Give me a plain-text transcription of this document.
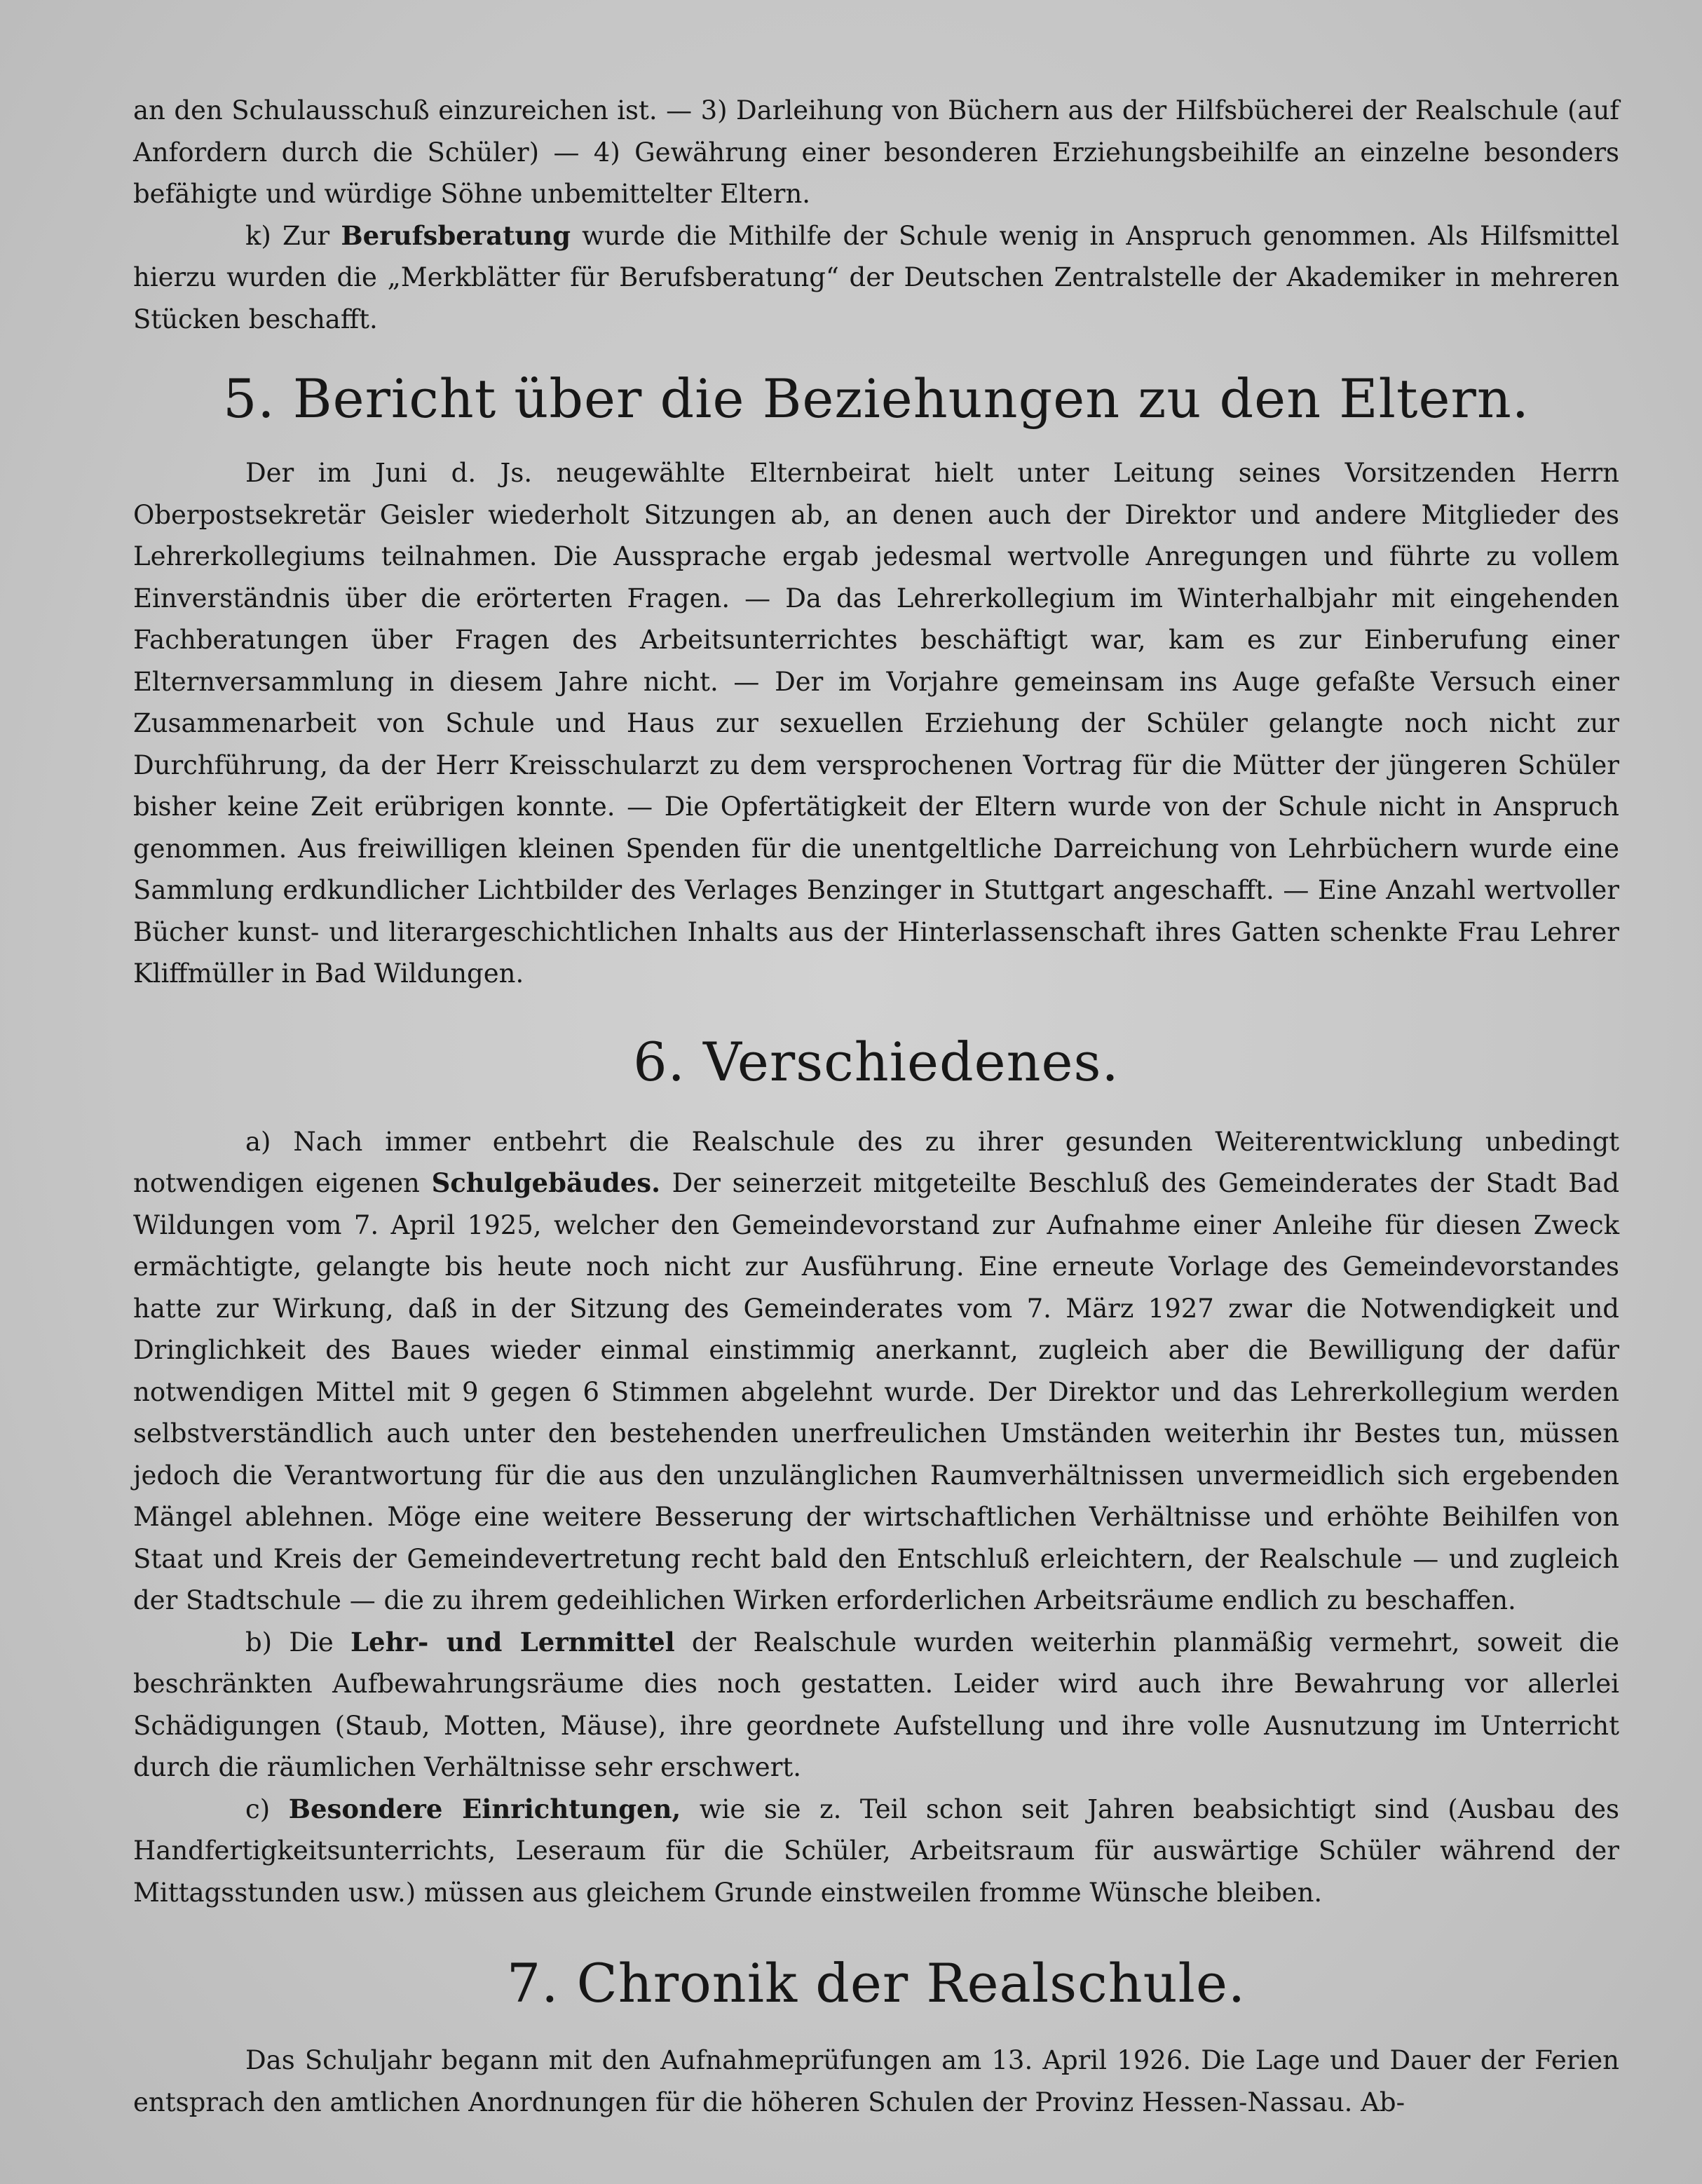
an den Schulausschuß einzureichen ist. — 3) Darleihung von Büchern aus der Hilfsbücherei der Realschule (auf Anfordern durch die Schüler) — 4) Gewährung einer besonderen Erziehungsbeihilfe an einzelne besonders befähigte und würdige Söhne unbemittelter Eltern.

k) Zur Berufsberatung wurde die Mithilfe der Schule wenig in Anspruch genommen. Als Hilfsmittel hierzu wurden die „Merkblätter für Berufsberatung“ der Deutschen Zentralstelle der Akademiker in mehreren Stücken beschafft.

5. Bericht über die Beziehungen zu den Eltern.

Der im Juni d. Js. neugewählte Elternbeirat hielt unter Leitung seines Vorsitzenden Herrn Oberpostsekretär Geisler wiederholt Sitzungen ab, an denen auch der Direktor und andere Mitglieder des Lehrerkollegiums teilnahmen. Die Aussprache ergab jedesmal wertvolle Anregungen und führte zu vollem Einverständnis über die erörterten Fragen. — Da das Lehrerkollegium im Winterhalbjahr mit eingehenden Fachberatungen über Fragen des Arbeitsunterrichtes beschäftigt war, kam es zur Einberufung einer Elternversammlung in diesem Jahre nicht. — Der im Vorjahre gemeinsam ins Auge gefaßte Versuch einer Zusammenarbeit von Schule und Haus zur sexuellen Erziehung der Schüler gelangte noch nicht zur Durchführung, da der Herr Kreisschularzt zu dem versprochenen Vortrag für die Mütter der jüngeren Schüler bisher keine Zeit erübrigen konnte. — Die Opfertätigkeit der Eltern wurde von der Schule nicht in Anspruch genommen. Aus freiwilligen kleinen Spenden für die unentgeltliche Darreichung von Lehrbüchern wurde eine Sammlung erdkundlicher Lichtbilder des Verlages Benzinger in Stuttgart angeschafft. — Eine Anzahl wertvoller Bücher kunst- und literargeschichtlichen Inhalts aus der Hinterlassenschaft ihres Gatten schenkte Frau Lehrer Kliffmüller in Bad Wildungen.

6. Verschiedenes.

a) Nach immer entbehrt die Realschule des zu ihrer gesunden Weiterentwicklung unbedingt notwendigen eigenen Schulgebäudes. Der seinerzeit mitgeteilte Beschluß des Gemeinderates der Stadt Bad Wildungen vom 7. April 1925, welcher den Gemeindevorstand zur Aufnahme einer Anleihe für diesen Zweck ermächtigte, gelangte bis heute noch nicht zur Ausführung. Eine erneute Vorlage des Gemeindevorstandes hatte zur Wirkung, daß in der Sitzung des Gemeinderates vom 7. März 1927 zwar die Notwendigkeit und Dringlichkeit des Baues wieder einmal einstimmig anerkannt, zugleich aber die Bewilligung der dafür notwendigen Mittel mit 9 gegen 6 Stimmen abgelehnt wurde. Der Direktor und das Lehrerkollegium werden selbstverständlich auch unter den bestehenden unerfreulichen Umständen weiterhin ihr Bestes tun, müssen jedoch die Verantwortung für die aus den unzulänglichen Raumverhältnissen unvermeidlich sich ergebenden Mängel ablehnen. Möge eine weitere Besserung der wirtschaftlichen Verhältnisse und erhöhte Beihilfen von Staat und Kreis der Gemeindevertretung recht bald den Entschluß erleichtern, der Realschule — und zugleich der Stadtschule — die zu ihrem gedeihlichen Wirken erforderlichen Arbeitsräume endlich zu beschaffen.

b) Die Lehr- und Lernmittel der Realschule wurden weiterhin planmäßig vermehrt, soweit die beschränkten Aufbewahrungsräume dies noch gestatten. Leider wird auch ihre Bewahrung vor allerlei Schädigungen (Staub, Motten, Mäuse), ihre geordnete Aufstellung und ihre volle Ausnutzung im Unterricht durch die räumlichen Verhältnisse sehr erschwert.

c) Besondere Einrichtungen, wie sie z. Teil schon seit Jahren beabsichtigt sind (Ausbau des Handfertigkeitsunterrichts, Leseraum für die Schüler, Arbeitsraum für auswärtige Schüler während der Mittagsstunden usw.) müssen aus gleichem Grunde einstweilen fromme Wünsche bleiben.

7. Chronik der Realschule.

Das Schuljahr begann mit den Aufnahmeprüfungen am 13. April 1926. Die Lage und Dauer der Ferien entsprach den amtlichen Anordnungen für die höheren Schulen der Provinz Hessen-Nassau. Ab-
